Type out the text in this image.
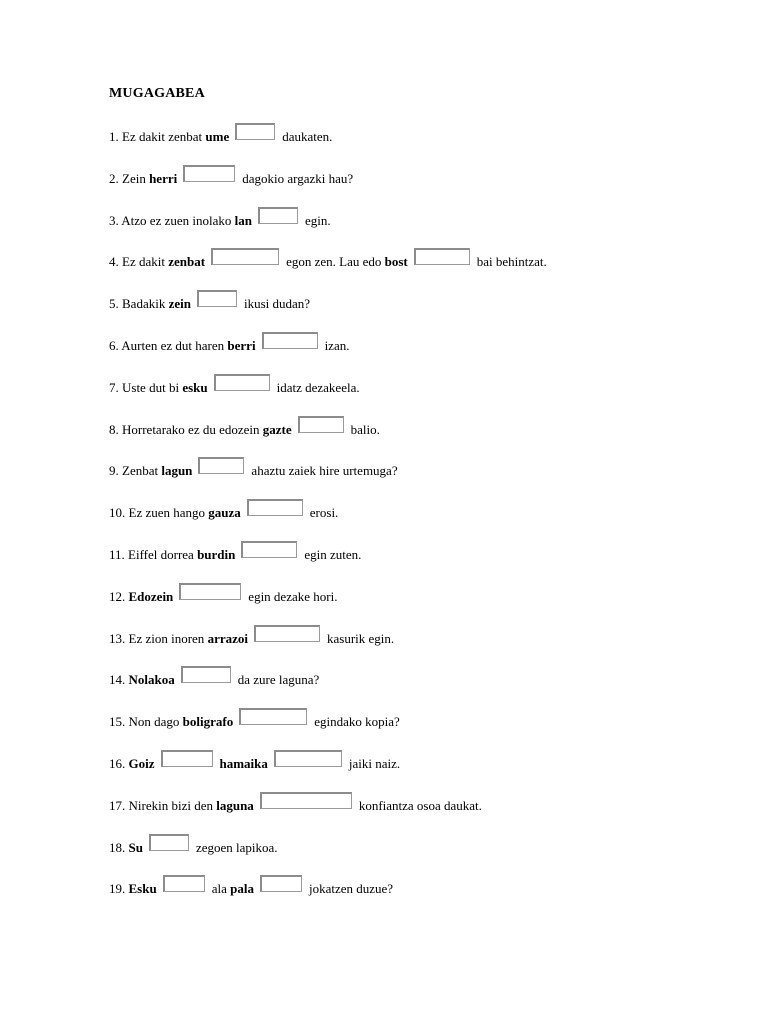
MUGAGABEA
1. Ez dakit zenbat ume	daukaten.
2. Zein herri	dagokio argazki hau?
3. Atzo ez zuen inolako lan	egin.
4. Ez dakit zenbat	egon zen. Lau edo bost	bai behintzat.
5. Badakik zein	ikusi dudan?
6. Aurten ez dut haren berri	izan.
7. Uste dut bi esku	idatz dezakeela.
8. Horretarako ez du edozein gazte	balio.
9. Zenbat lagun	ahaztu zaiek hire urtemuga?
10. Ez zuen hango gauza	erosi.
11. Eiffel dorrea burdin	egin zuten.
12. Edozein	egin dezake hori.
13. Ez zion inoren arrazoi	kasurik egin.
14. Nolakoa	da zure laguna?
15. Non dago boligrafo	egindako kopia?
16. Goiz	hamaika	jaiki naiz.
17. Nirekin bizi den laguna	konfiantza osoa daukat.
18. Su	zegoen lapikoa.
19. Esku	ala pala	jokatzen duzue?
